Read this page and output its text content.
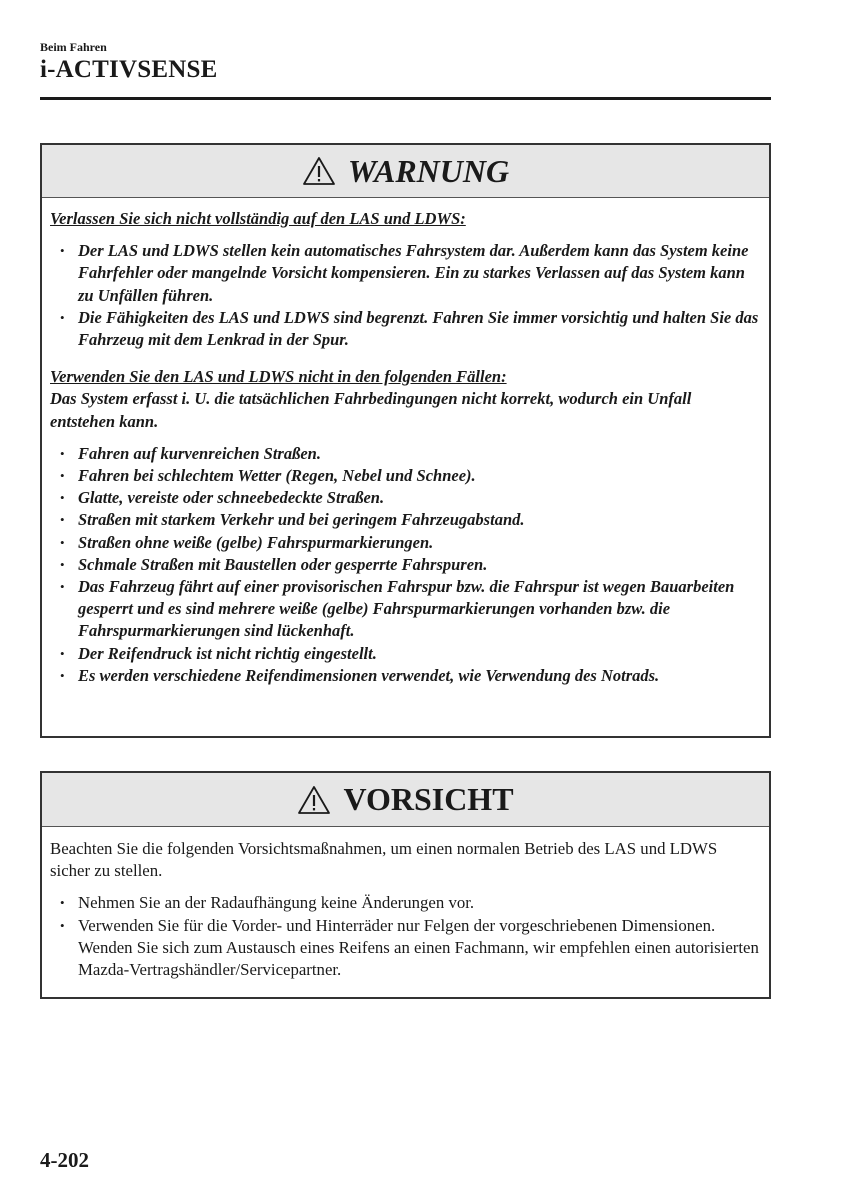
Beim Fahren
i-ACTIVSENSE
WARNUNG

Verlassen Sie sich nicht vollständig auf den LAS und LDWS:

• Der LAS und LDWS stellen kein automatisches Fahrsystem dar. Außerdem kann das System keine Fahrfehler oder mangelnde Vorsicht kompensieren. Ein zu starkes Verlassen auf das System kann zu Unfällen führen.
• Die Fähigkeiten des LAS und LDWS sind begrenzt. Fahren Sie immer vorsichtig und halten Sie das Fahrzeug mit dem Lenkrad in der Spur.

Verwenden Sie den LAS und LDWS nicht in den folgenden Fällen:

Das System erfasst i. U. die tatsächlichen Fahrbedingungen nicht korrekt, wodurch ein Unfall entstehen kann.

• Fahren auf kurvenreichen Straßen.
• Fahren bei schlechtem Wetter (Regen, Nebel und Schnee).
• Glatte, vereiste oder schneebedeckte Straßen.
• Straßen mit starkem Verkehr und bei geringem Fahrzeugabstand.
• Straßen ohne weiße (gelbe) Fahrspurmarkierungen.
• Schmale Straßen mit Baustellen oder gesperrte Fahrspuren.
• Das Fahrzeug fährt auf einer provisorischen Fahrspur bzw. die Fahrspur ist wegen Bauarbeiten gesperrt und es sind mehrere weiße (gelbe) Fahrspurmarkierungen vorhanden bzw. die Fahrspurmarkierungen sind lückenhaft.
• Der Reifendruck ist nicht richtig eingestellt.
• Es werden verschiedene Reifendimensionen verwendet, wie Verwendung des Notrads.
VORSICHT

Beachten Sie die folgenden Vorsichtsmaßnahmen, um einen normalen Betrieb des LAS und LDWS sicher zu stellen.

• Nehmen Sie an der Radaufhängung keine Änderungen vor.
• Verwenden Sie für die Vorder- und Hinterräder nur Felgen der vorgeschriebenen Dimensionen. Wenden Sie sich zum Austausch eines Reifens an einen Fachmann, wir empfehlen einen autorisierten Mazda-Vertragshändler/Servicepartner.
4-202
